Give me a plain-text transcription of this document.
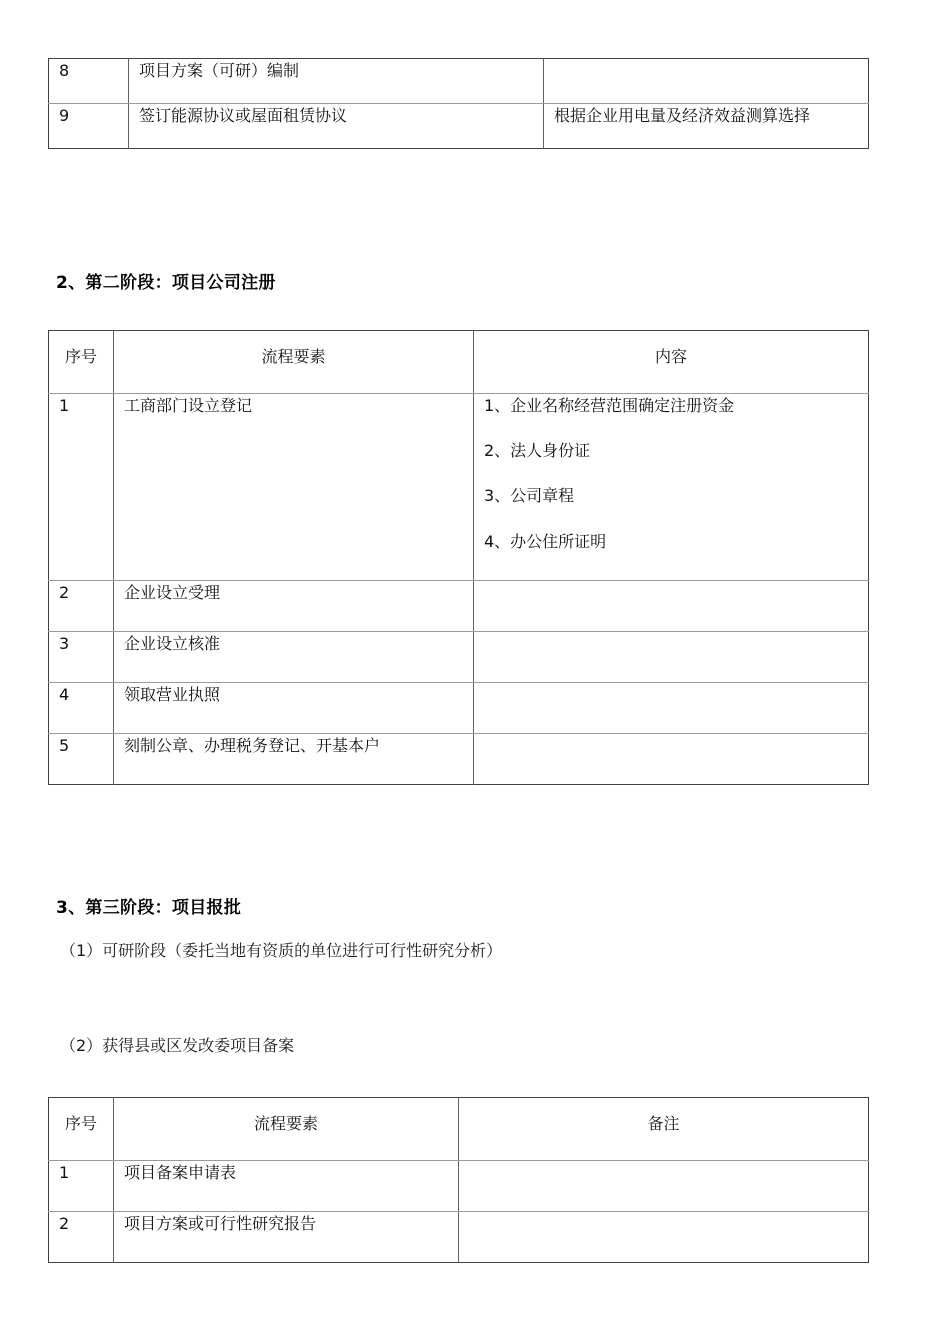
8	项目方案（可研）编制	
9	签订能源协议或屋面租赁协议	根据企业用电量及经济效益测算选择
2、第二阶段：项目公司注册
序号	流程要素	内容
1	工商部门设立登记	1、企业名称经营范围确定注册资金
2、法人身份证
3、公司章程
4、办公住所证明

2	企业设立受理	
3	企业设立核准	
4	领取营业执照	
5	刻制公章、办理税务登记、开基本户	
3、第三阶段：项目报批
（1）可研阶段（委托当地有资质的单位进行可行性研究分析）
（2）获得县或区发改委项目备案
序号	流程要素	备注
1	项目备案申请表	
2	项目方案或可行性研究报告	
